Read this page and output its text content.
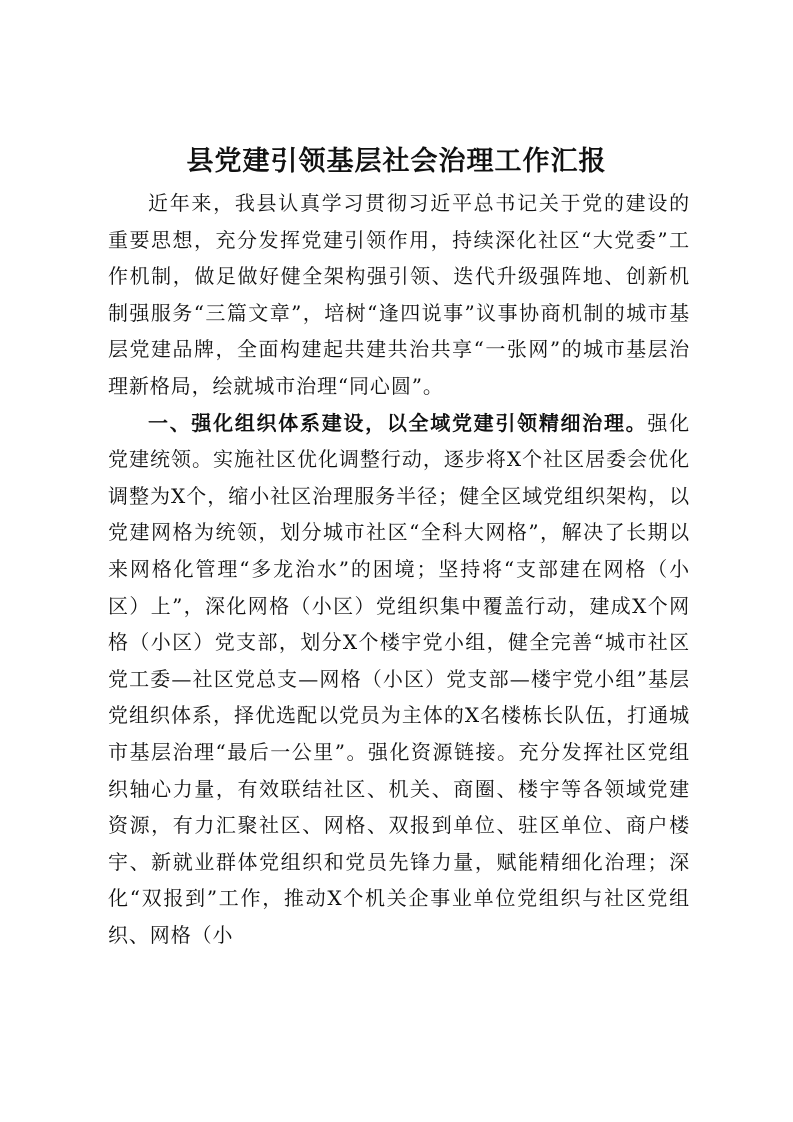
县党建引领基层社会治理工作汇报

近年来，我县认真学习贯彻习近平总书记关于党的建设的重要思想，充分发挥党建引领作用，持续深化社区“大党委”工作机制，做足做好健全架构强引领、迭代升级强阵地、创新机制强服务“三篇文章”，培树“逢四说事”议事协商机制的城市基层党建品牌，全面构建起共建共治共享“一张网”的城市基层治理新格局，绘就城市治理“同心圆”。

一、强化组织体系建设，以全域党建引领精细治理。强化党建统领。实施社区优化调整行动，逐步将X个社区居委会优化调整为X个，缩小社区治理服务半径；健全区域党组织架构，以党建网格为统领，划分城市社区“全科大网格”，解决了长期以来网格化管理“多龙治水”的困境；坚持将“支部建在网格（小区）上”，深化网格（小区）党组织集中覆盖行动，建成X个网格（小区）党支部，划分X个楼宇党小组，健全完善“城市社区党工委—社区党总支—网格（小区）党支部—楼宇党小组”基层党组织体系，择优选配以党员为主体的X名楼栋长队伍，打通城市基层治理“最后一公里”。强化资源链接。充分发挥社区党组织轴心力量，有效联结社区、机关、商圈、楼宇等各领域党建资源，有力汇聚社区、网格、双报到单位、驻区单位、商户楼宇、新就业群体党组织和党员先锋力量，赋能精细化治理；深化“双报到”工作，推动X个机关企事业单位党组织与社区党组织、网格（小
